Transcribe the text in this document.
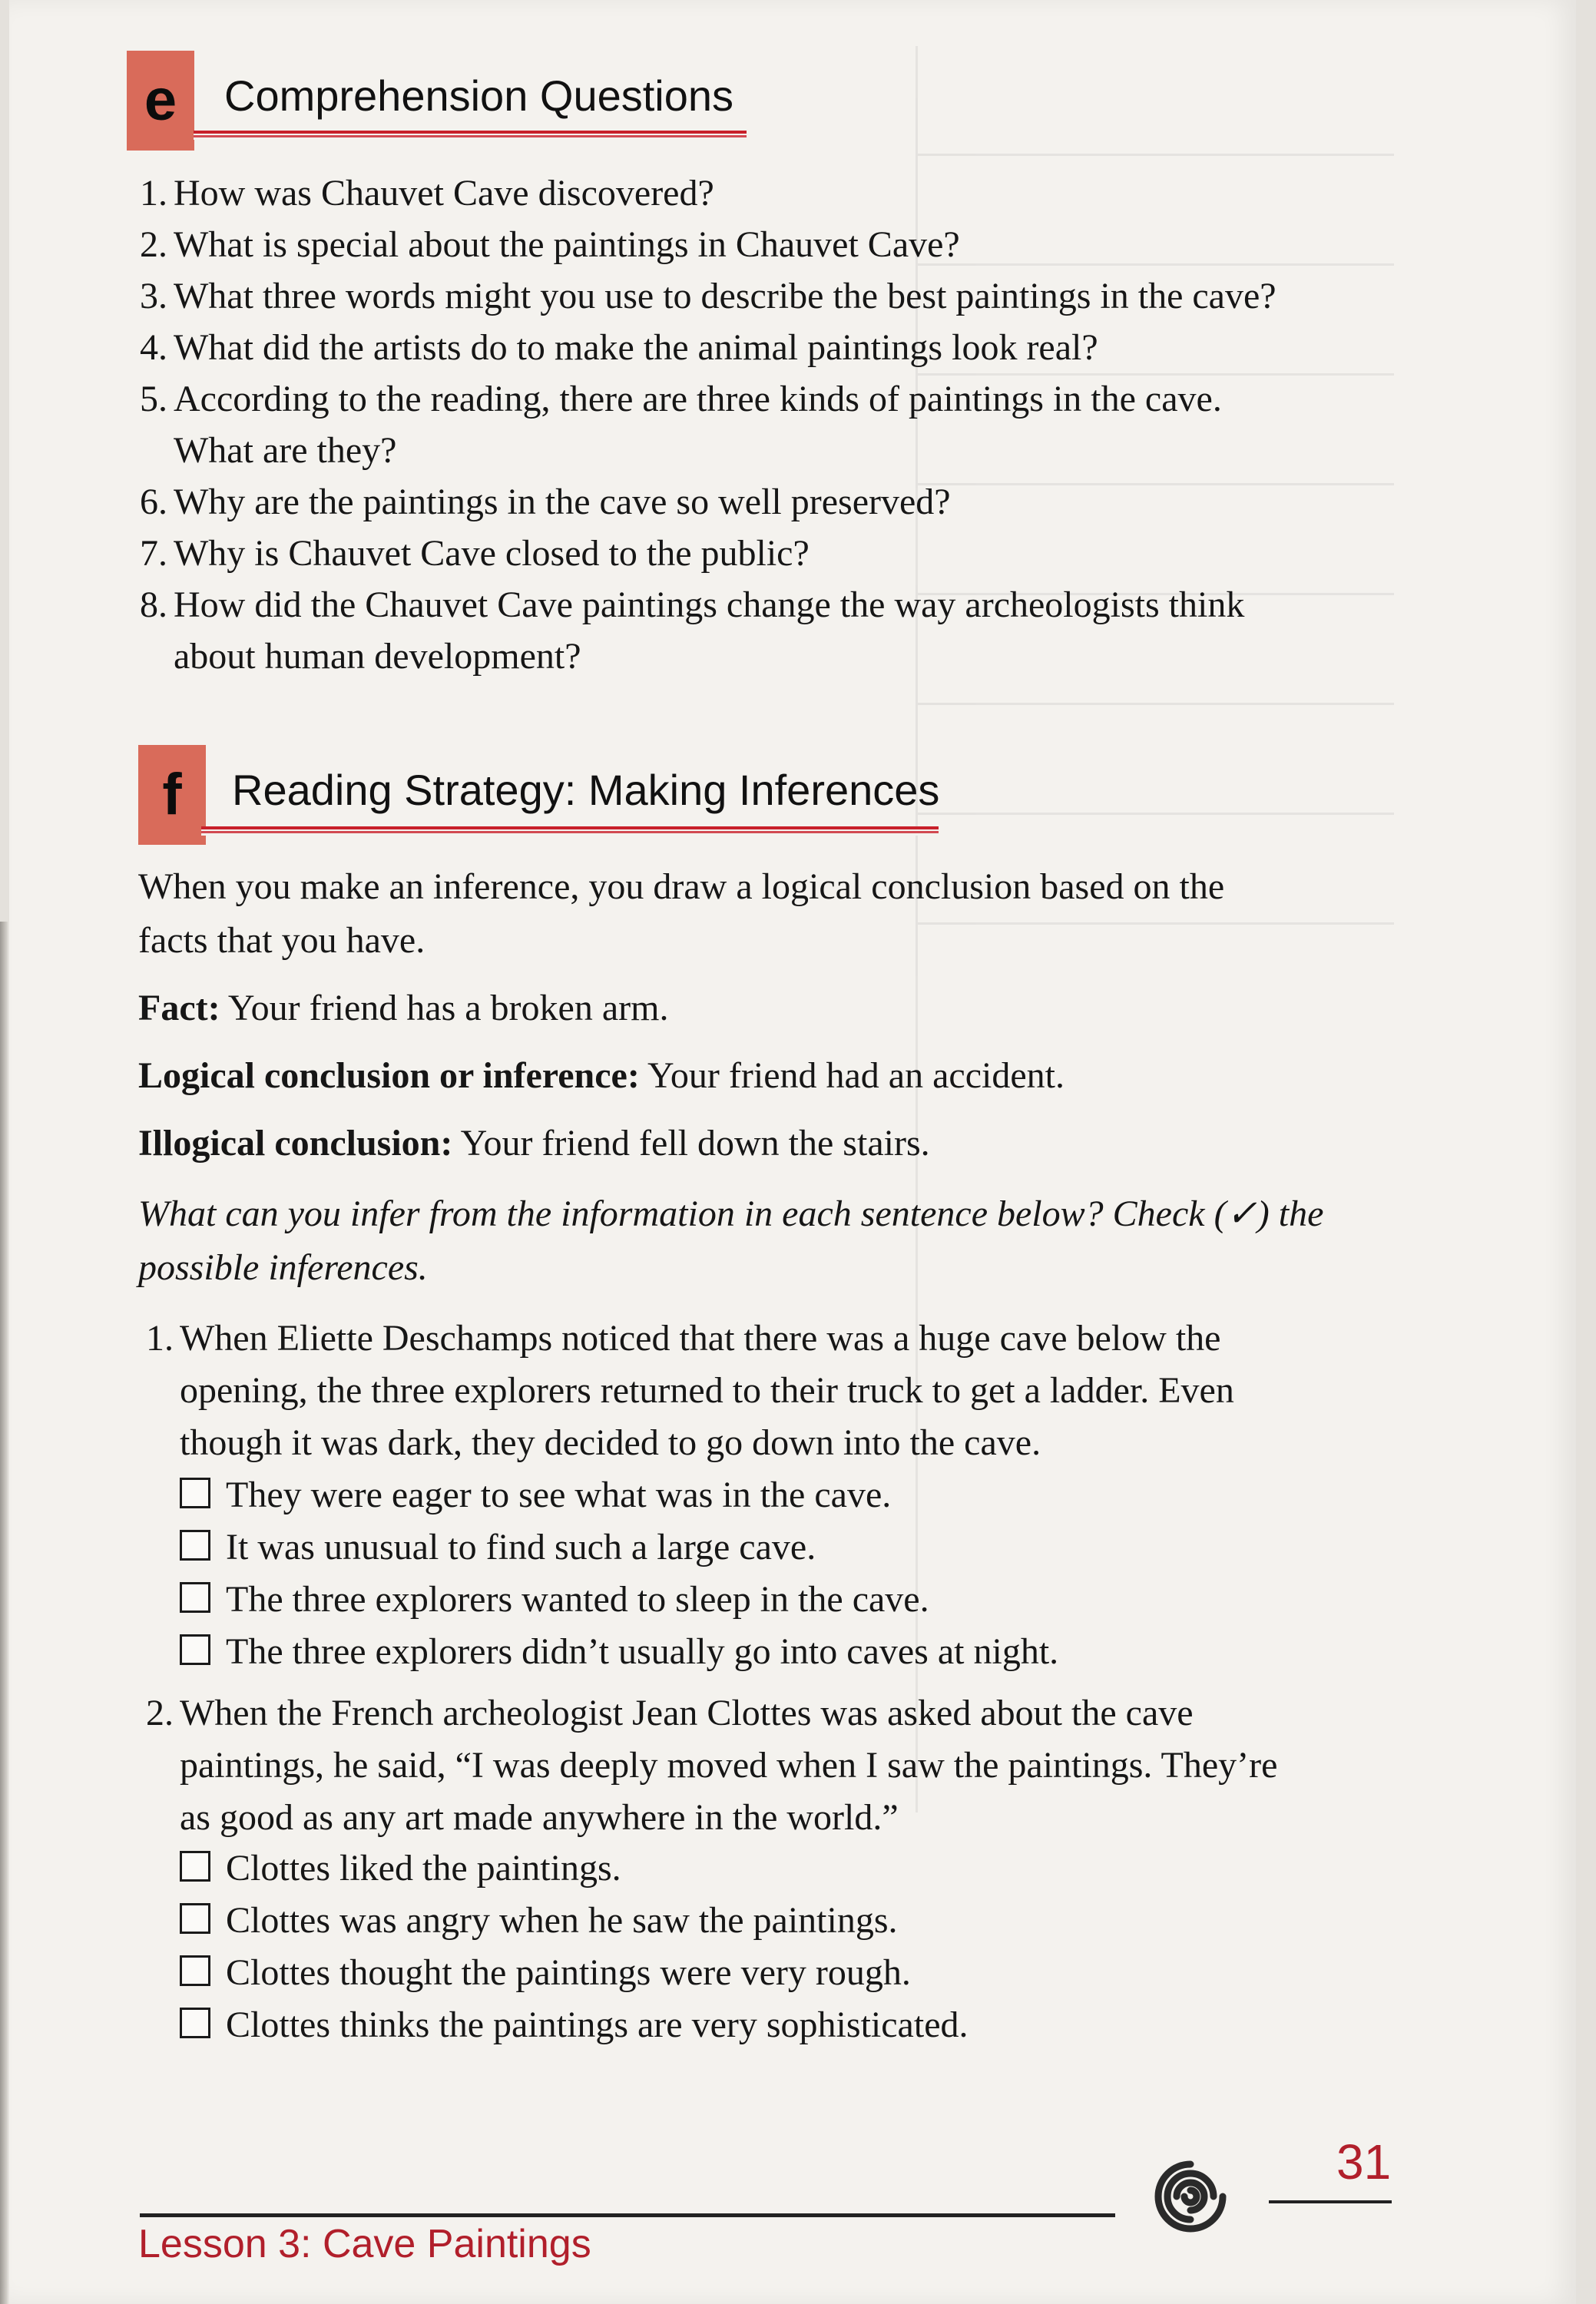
e	Comprehension Questions
1. How was Chauvet Cave discovered?
2. What is special about the paintings in Chauvet Cave?
3. What three words might you use to describe the best paintings in the cave?
4. What did the artists do to make the animal paintings look real?
5. According to the reading, there are three kinds of paintings in the cave.
What are they?
6. Why are the paintings in the cave so well preserved?
7. Why is Chauvet Cave closed to the public?
8. How did the Chauvet Cave paintings change the way archeologists think
about human development?
f	Reading Strategy: Making Inferences
When you make an inference, you draw a logical conclusion based on the
facts that you have.
Fact: Your friend has a broken arm.
Logical conclusion or inference: Your friend had an accident.
Illogical conclusion: Your friend fell down the stairs.
What can you infer from the information in each sentence below? Check (✓) the
possible inferences.
1. When Eliette Deschamps noticed that there was a huge cave below the
opening, the three explorers returned to their truck to get a ladder. Even
though it was dark, they decided to go down into the cave.
They were eager to see what was in the cave.
It was unusual to find such a large cave.
The three explorers wanted to sleep in the cave.
The three explorers didn’t usually go into caves at night.
2. When the French archeologist Jean Clottes was asked about the cave
paintings, he said, “I was deeply moved when I saw the paintings. They’re
as good as any art made anywhere in the world.”
Clottes liked the paintings.
Clottes was angry when he saw the paintings.
Clottes thought the paintings were very rough.
Clottes thinks the paintings are very sophisticated.
31
Lesson 3: Cave Paintings
